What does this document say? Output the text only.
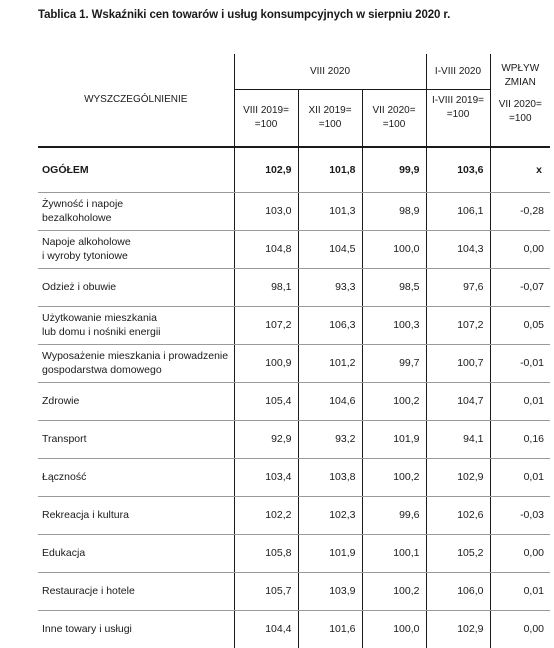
Tablica 1. Wskaźniki cen towarów i usług konsumpcyjnych w sierpniu 2020 r.
WYSZCZEGÓLNIENIE	VIII 2020			I-VIII 2020	WPŁYW
ZMIAN

	VIII 2019=
=100	XII 2019=
=100	VII 2020=
=100	I-VIII 2019=
=100	VII 2020=
=100

OGÓŁEM	102,9	101,8	99,9	103,6	x

Żywność i napoje
bezalkoholowe	103,0	101,3	98,9	106,1	-0,28

Napoje alkoholowe
i wyroby tytoniowe	104,8	104,5	100,0	104,3	0,00

Odzież i obuwie	98,1	93,3	98,5	97,6	-0,07

Użytkowanie mieszkania
lub domu i nośniki energii	107,2	106,3	100,3	107,2	0,05

Wyposażenie mieszkania i prowadzenie
gospodarstwa domowego	100,9	101,2	99,7	100,7	-0,01

Zdrowie	105,4	104,6	100,2	104,7	0,01

Transport	92,9	93,2	101,9	94,1	0,16

Łączność	103,4	103,8	100,2	102,9	0,01

Rekreacja i kultura	102,2	102,3	99,6	102,6	-0,03

Edukacja	105,8	101,9	100,1	105,2	0,00

Restauracje i hotele	105,7	103,9	100,2	106,0	0,01

Inne towary i usługi	104,4	101,6	100,0	102,9	0,00
